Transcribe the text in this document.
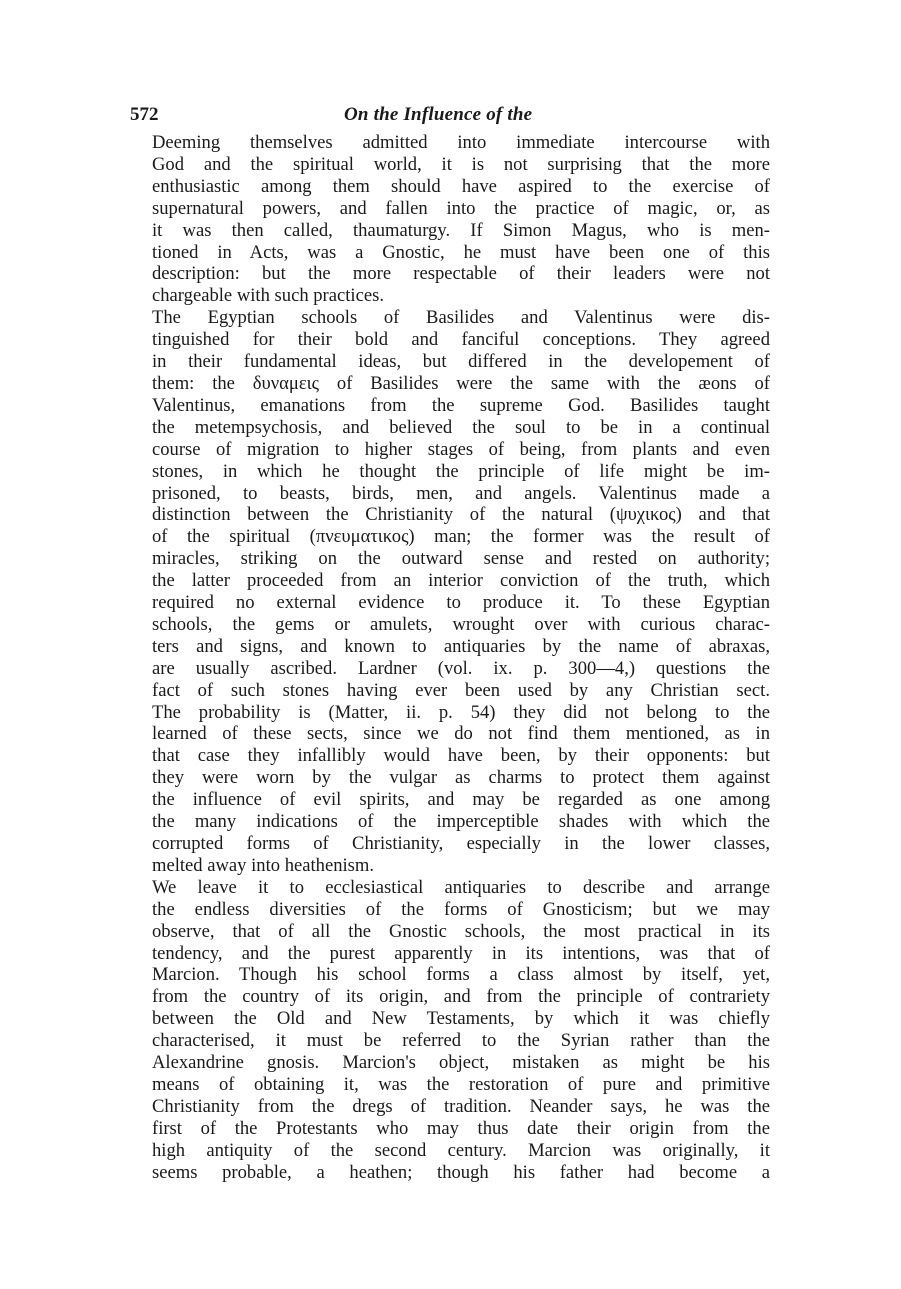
572	On the Influence of the

Deeming themselves admitted into immediate intercourse with
God and the spiritual world, it is not surprising that the more
enthusiastic among them should have aspired to the exercise of
supernatural powers, and fallen into the practice of magic, or, as
it was then called, thaumaturgy. If Simon Magus, who is men-
tioned in Acts, was a Gnostic, he must have been one of this
description: but the more respectable of their leaders were not
chargeable with such practices.

The Egyptian schools of Basilides and Valentinus were dis-
tinguished for their bold and fanciful conceptions. They agreed
in their fundamental ideas, but differed in the developement of
them: the δυναμεις of Basilides were the same with the æons of
Valentinus, emanations from the supreme God. Basilides taught
the metempsychosis, and believed the soul to be in a continual
course of migration to higher stages of being, from plants and even
stones, in which he thought the principle of life might be im-
prisoned, to beasts, birds, men, and angels. Valentinus made a
distinction between the Christianity of the natural (ψυχικος) and that
of the spiritual (πνευματικος) man; the former was the result of
miracles, striking on the outward sense and rested on authority;
the latter proceeded from an interior conviction of the truth, which
required no external evidence to produce it. To these Egyptian
schools, the gems or amulets, wrought over with curious charac-
ters and signs, and known to antiquaries by the name of abraxas,
are usually ascribed. Lardner (vol. ix. p. 300—4,) questions the
fact of such stones having ever been used by any Christian sect.
The probability is (Matter, ii. p. 54) they did not belong to the
learned of these sects, since we do not find them mentioned, as in
that case they infallibly would have been, by their opponents: but
they were worn by the vulgar as charms to protect them against
the influence of evil spirits, and may be regarded as one among
the many indications of the imperceptible shades with which the
corrupted forms of Christianity, especially in the lower classes,
melted away into heathenism.

We leave it to ecclesiastical antiquaries to describe and arrange
the endless diversities of the forms of Gnosticism; but we may
observe, that of all the Gnostic schools, the most practical in its
tendency, and the purest apparently in its intentions, was that of
Marcion. Though his school forms a class almost by itself, yet,
from the country of its origin, and from the principle of contrariety
between the Old and New Testaments, by which it was chiefly
characterised, it must be referred to the Syrian rather than the
Alexandrine gnosis. Marcion's object, mistaken as might be his
means of obtaining it, was the restoration of pure and primitive
Christianity from the dregs of tradition. Neander says, he was the
first of the Protestants who may thus date their origin from the
high antiquity of the second century. Marcion was originally, it
seems probable, a heathen; though his father had become a
